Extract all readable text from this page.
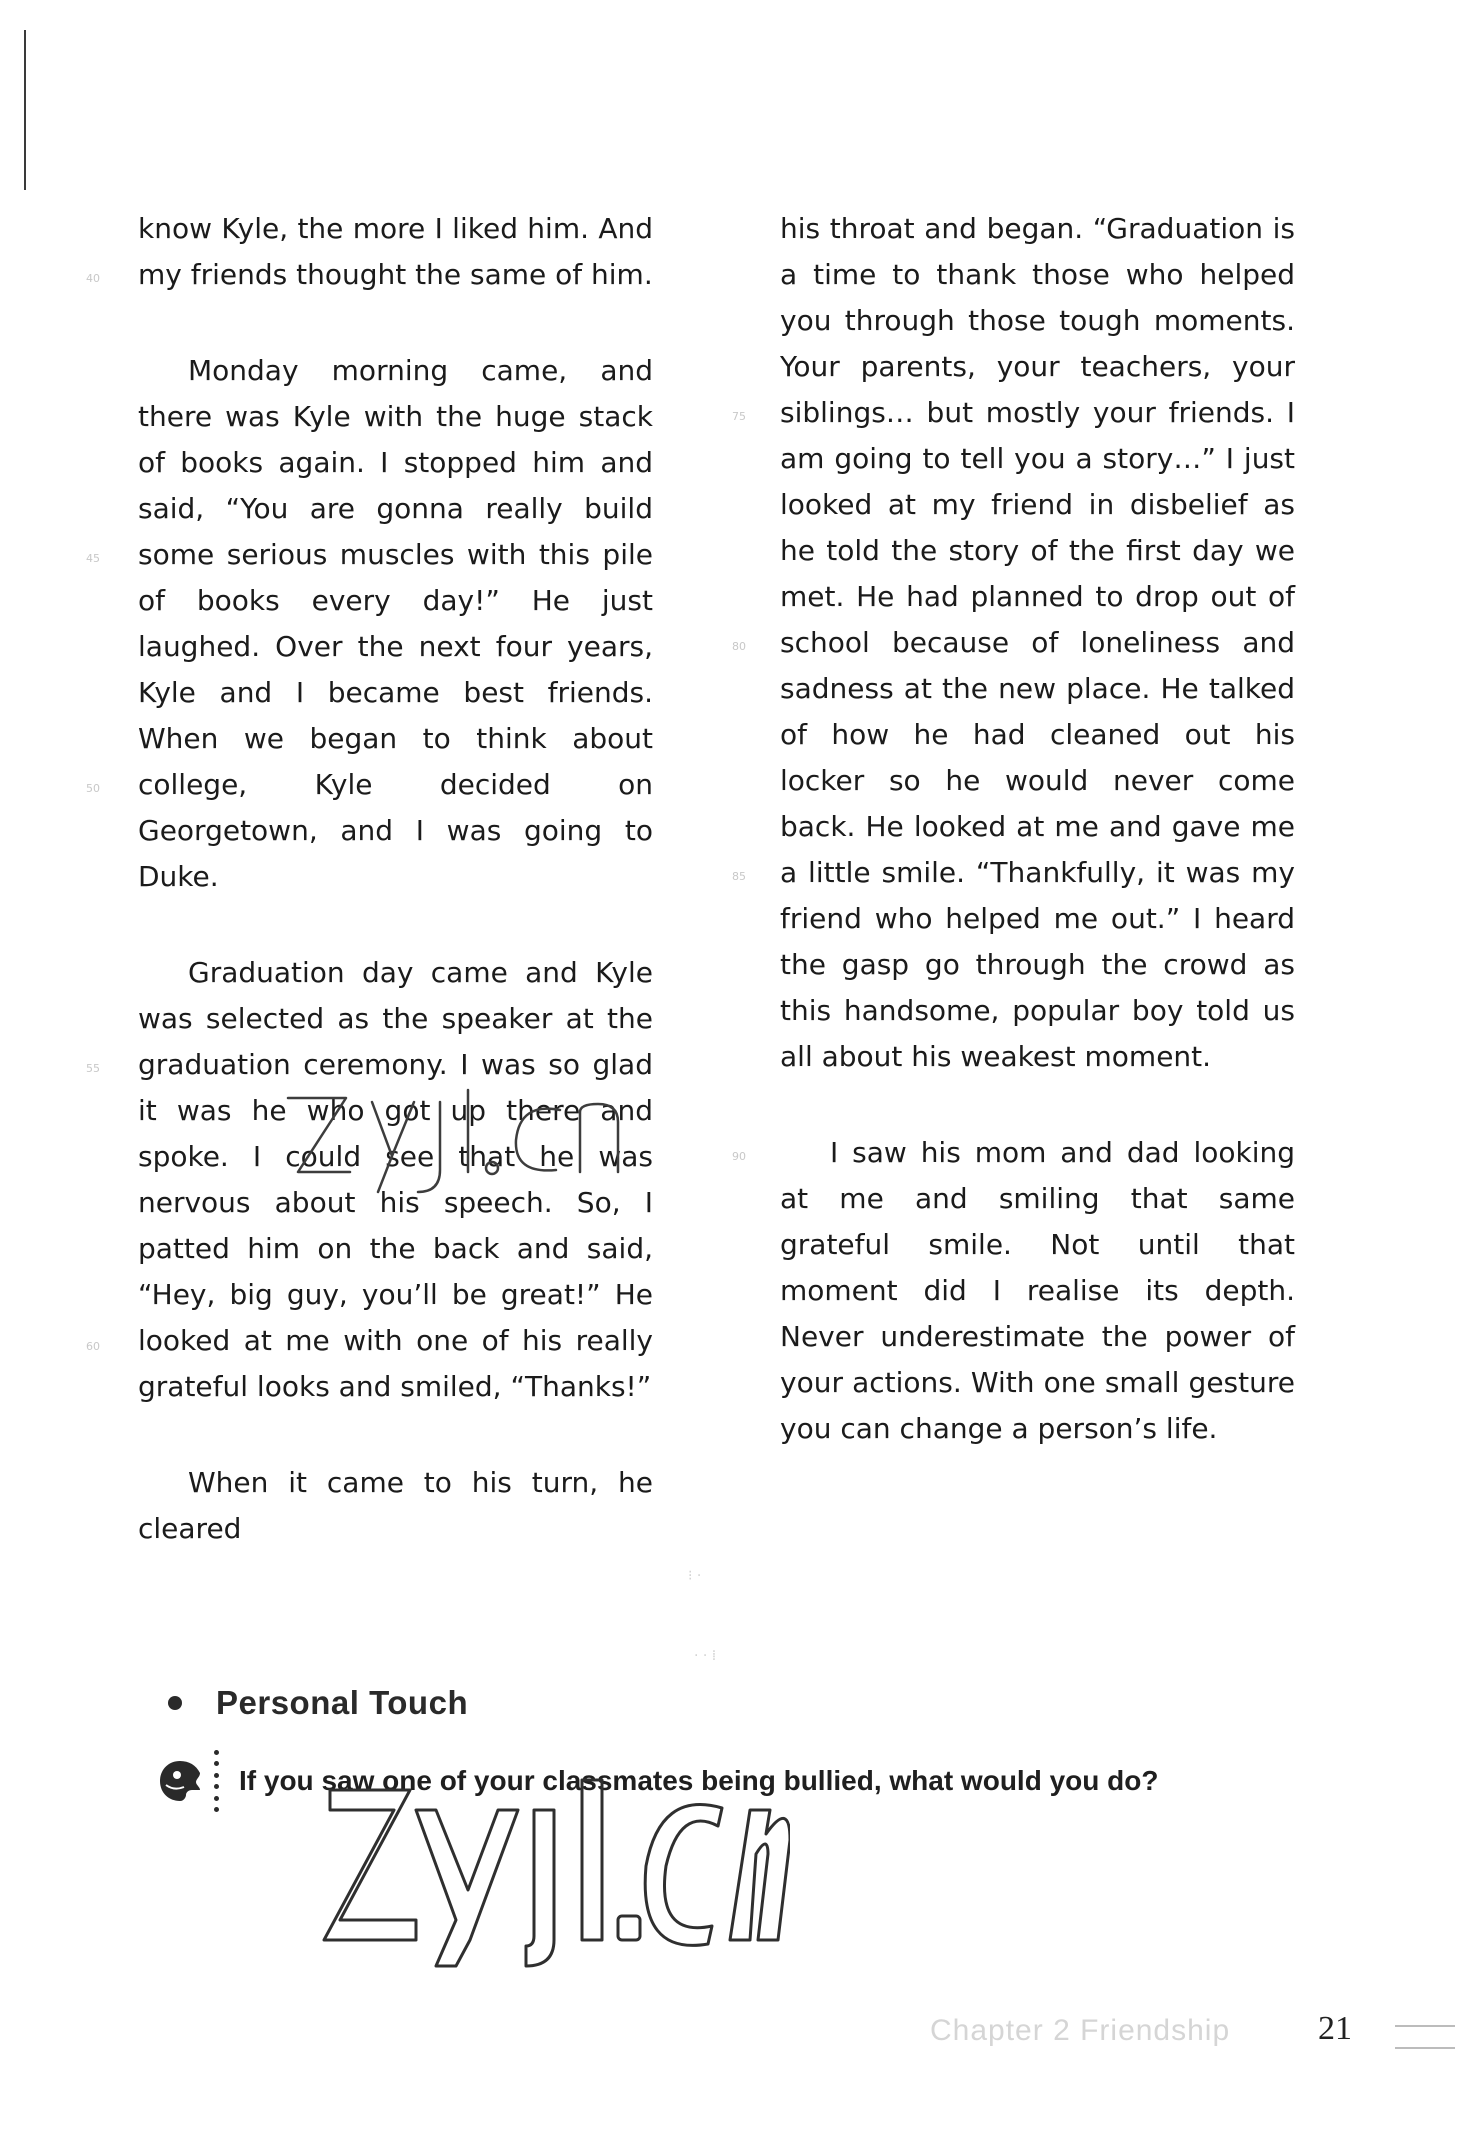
know Kyle, the more I liked him. And my friends thought the same of him.

Monday morning came, and there was Kyle with the huge stack of books again. I stopped him and said, “You are gonna really build some serious muscles with this pile of books every day!” He just laughed. Over the next four years, Kyle and I became best friends. When we began to think about college, Kyle decided on Georgetown, and I was going to Duke.

Graduation day came and Kyle was selected as the speaker at the graduation ceremony. I was so glad it was he who got up there and spoke. I could see that he was nervous about his speech. So, I patted him on the back and said, “Hey, big guy, you’ll be great!” He looked at me with one of his really grateful looks and smiled, “Thanks!”

When it came to his turn, he cleared

his throat and began. “Graduation is a time to thank those who helped you through those tough moments. Your parents, your teachers, your siblings… but mostly your friends. I am going to tell you a story…” I just looked at my friend in disbelief as he told the story of the first day we met. He had planned to drop out of school because of loneliness and sadness at the new place. He talked of how he had cleaned out his locker so he would never come back. He looked at me and gave me a little smile. “Thankfully, it was my friend who helped me out.” I heard the gasp go through the crowd as this handsome, popular boy told us all about his weakest moment.

I saw his mom and dad looking at me and smiling that same grateful smile. Not until that moment did I realise its depth. Never underestimate the power of your actions. With one small gesture you can change a person’s life.

40
45
50
55
60
75
80
85
90
⁝ ·
· · ⁞
Personal Touch
If you saw one of your classmates being bullied, what would you do?
Chapter 2 Friendship	21
